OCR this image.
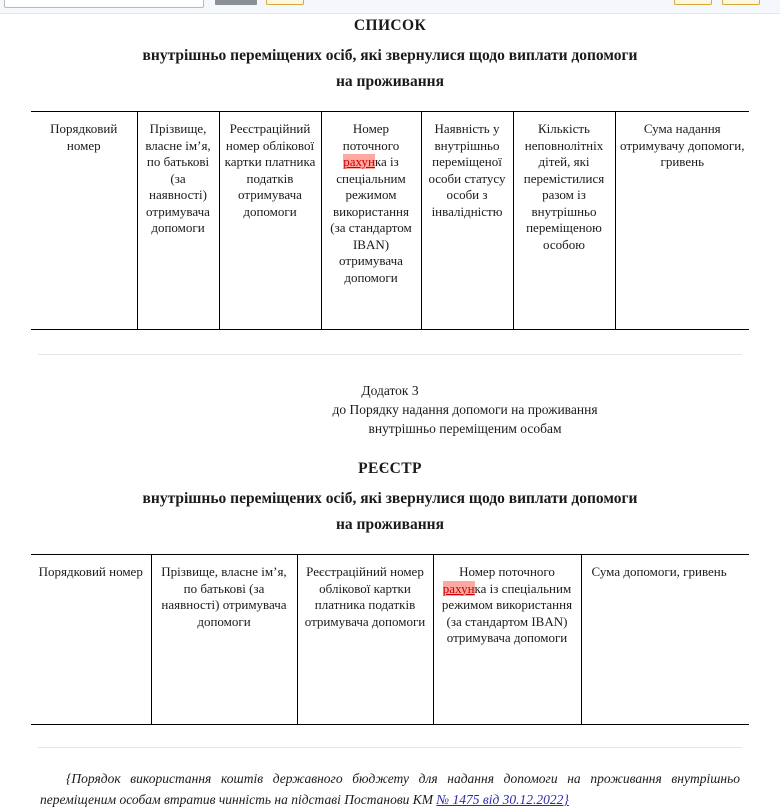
СПИСОК
внутрішньо переміщених осіб, які звернулися щодо виплати допомоги
на проживання
Порядковий номер	Прізвище, власне імʼя, по батькові (за наявності) отримувача допомоги	Реєстраційний номер облікової картки платника податків отримувача допомоги	Номер поточного рахунка із спеціальним режимом використання (за стандартом IBAN) отримувача допомоги	Наявність у внутрішньо переміщеної особи статусу особи з інвалідністю	Кількість неповнолітніх дітей, які перемістилися разом із внутрішньо переміщеною особою	Сума надання отримувачу допомоги, гривень
Додаток 3
до Порядку надання допомоги на проживання
внутрішньо переміщеним особам
РЕЄСТР
внутрішньо переміщених осіб, які звернулися щодо виплати допомоги
на проживання
Порядковий номер	Прізвище, власне імʼя, по батькові (за наявності) отримувача допомоги	Реєстраційний номер облікової картки платника податків отримувача допомоги	Номер поточного рахунка із спеціальним режимом використання (за стандартом IBAN) отримувача допомоги	Сума допомоги, гривень

{Порядок використання коштів державного бюджету для надання допомоги на проживання внутрішньо переміщеним особам втратив чинність на підставі Постанови КМ № 1475 від 30.12.2022}
